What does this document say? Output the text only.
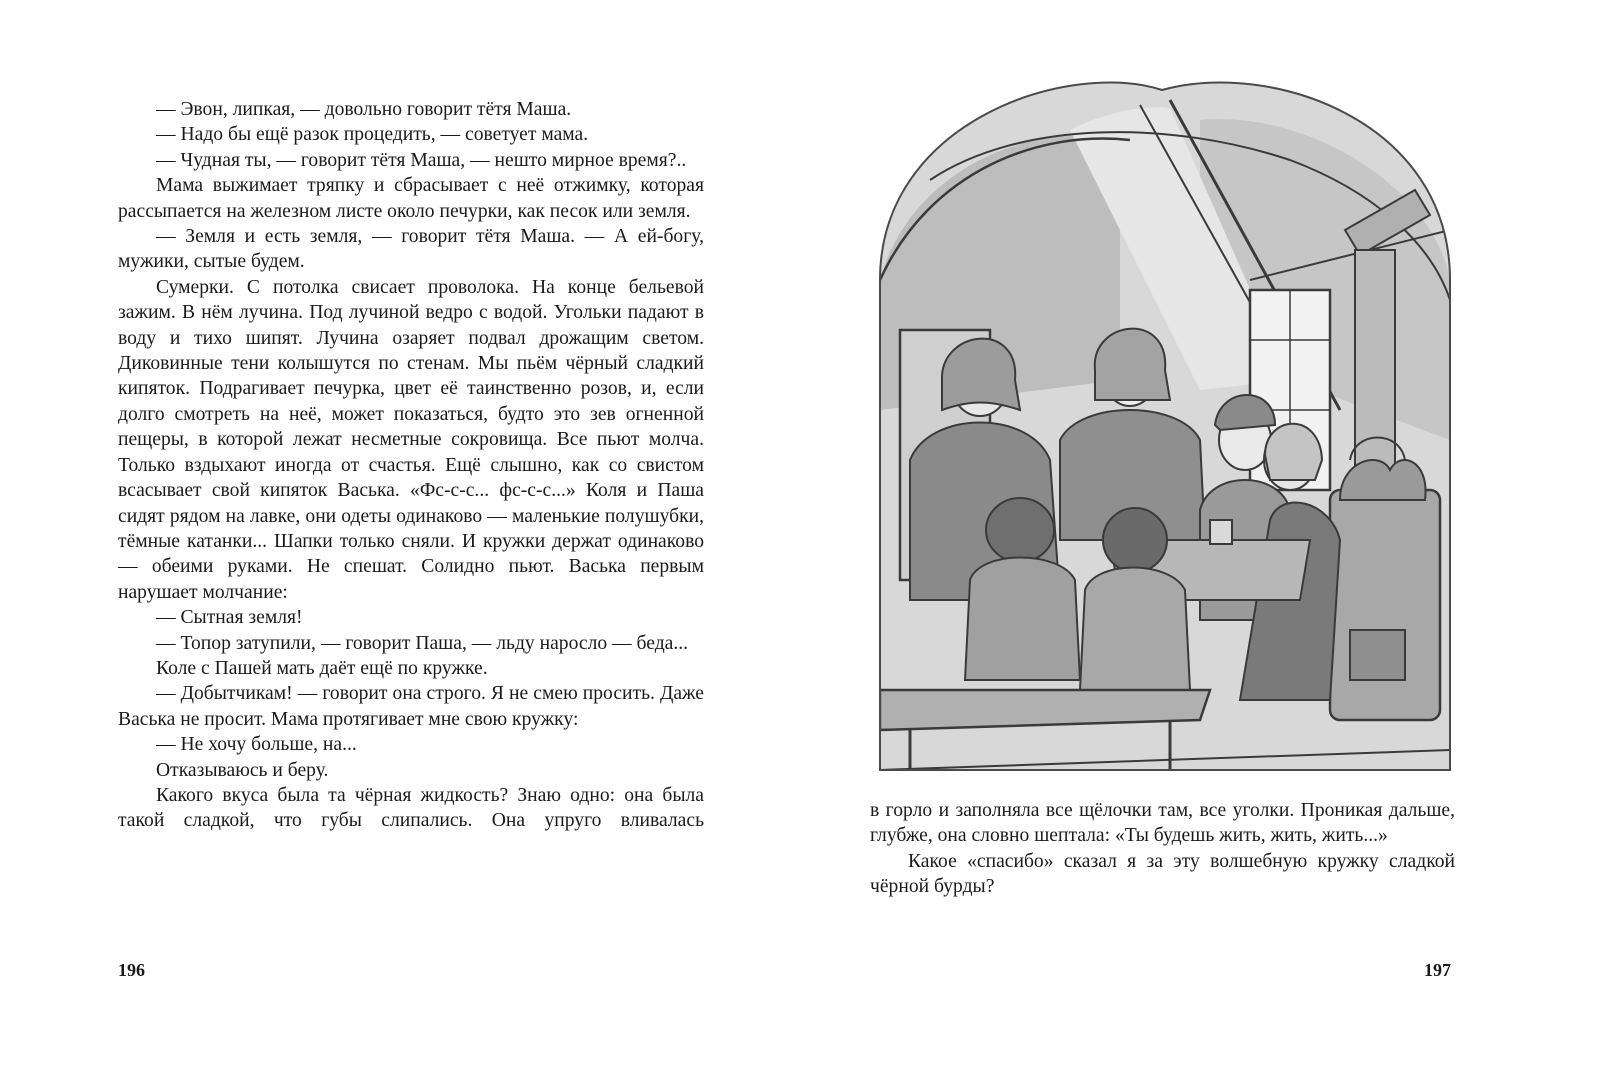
— Эвон, липкая, — довольно говорит тётя Маша.

— Надо бы ещё разок процедить, — советует мама.

— Чудная ты, — говорит тётя Маша, — нешто мирное время?..

Мама выжимает тряпку и сбрасывает с неё отжимку, которая рассыпается на железном листе около печурки, как песок или земля.

— Земля и есть земля, — говорит тётя Маша. — А ей-богу, мужики, сытые будем.

Сумерки. С потолка свисает проволока. На конце бельевой зажим. В нём лучина. Под лучиной ведро с водой. Угольки падают в воду и тихо шипят. Лучина озаряет подвал дрожащим светом. Диковинные тени колышутся по стенам. Мы пьём чёрный сладкий кипяток. Подрагивает печурка, цвет её таинственно розов, и, если долго смотреть на неё, может показаться, будто это зев огненной пещеры, в которой лежат несметные сокровища. Все пьют молча. Только вздыхают иногда от счастья. Ещё слышно, как со свистом всасывает свой кипяток Васька. «Фс-с-с... фс-с-с...» Коля и Паша сидят рядом на лавке, они одеты одинаково — маленькие полушубки, тёмные катанки... Шапки только сняли. И кружки держат одинаково — обеими руками. Не спешат. Солидно пьют. Васька первым нарушает молчание:

— Сытная земля!

— Топор затупили, — говорит Паша, — льду наросло — беда...

Коле с Пашей мать даёт ещё по кружке.

— Добытчикам! — говорит она строго. Я не смею просить. Даже Васька не просит. Мама протягивает мне свою кружку:

— Не хочу больше, на...

Отказываюсь и беру.

Какого вкуса была та чёрная жидкость? Знаю одно: она была такой сладкой, что губы слипались. Она упруго вливалась

196

в горло и заполняла все щёлочки там, все уголки. Проникая дальше, глубже, она словно шептала: «Ты будешь жить, жить, жить...»

Какое «спасибо» сказал я за эту волшебную кружку сладкой чёрной бурды?

197
